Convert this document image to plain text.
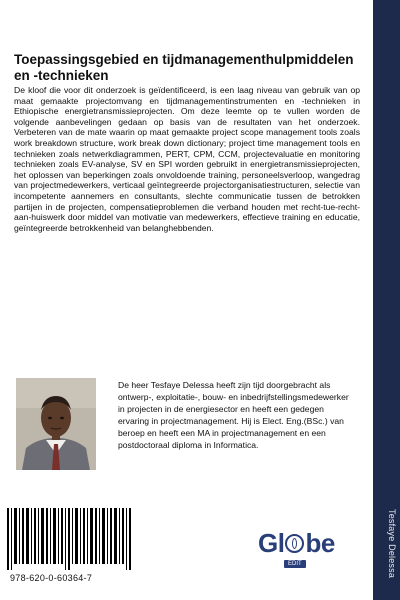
Toepassingsgebied en tijdmanagementhulpmiddelen en -technieken

De kloof die voor dit onderzoek is geïdentificeerd, is een laag niveau van gebruik van op maat gemaakte projectomvang en tijdmanagementinstrumenten en -technieken in Ethiopische energietransmissieprojecten. Om deze leemte op te vullen worden de volgende aanbevelingen gedaan op basis van de resultaten van het onderzoek. Verbeteren van de mate waarin op maat gemaakte project scope management tools zoals work breakdown structure, work break down dictionary; project time management tools en technieken zoals netwerkdiagrammen, PERT, CPM, CCM, projectevaluatie en monitoring technieken zoals EV-analyse, SV en SPI worden gebruikt in energietransmissieprojecten, het oplossen van beperkingen zoals onvoldoende training, personeelsverloop, wangedrag van projectmedewerkers, verticaal geïntegreerde projectorganisatiestructuren, selectie van incompetente aannemers en consultants, slechte communicatie tussen de betrokken partijen in de projecten, compensatieproblemen die verband houden met recht-tue-recht-aan-huiswerk door middel van motivatie van medewerkers, effectieve training en educatie, geïntegreerde betrokkenheid van belanghebbenden.

De heer Tesfaye Delessa heeft zijn tijd doorgebracht als ontwerp-, exploitatie-, bouw- en inbedrijfstellingsmedewerker in projecten in de energiesector en heeft een gedegen ervaring in projectmanagement. Hij is Elect. Eng.(BSc.) van beroep en heeft een MA in projectmanagement en een postdoctoraal diploma in Informatica.

978-620-0-60364-7
Gl be
EDIT	Tesfaye Delessa
